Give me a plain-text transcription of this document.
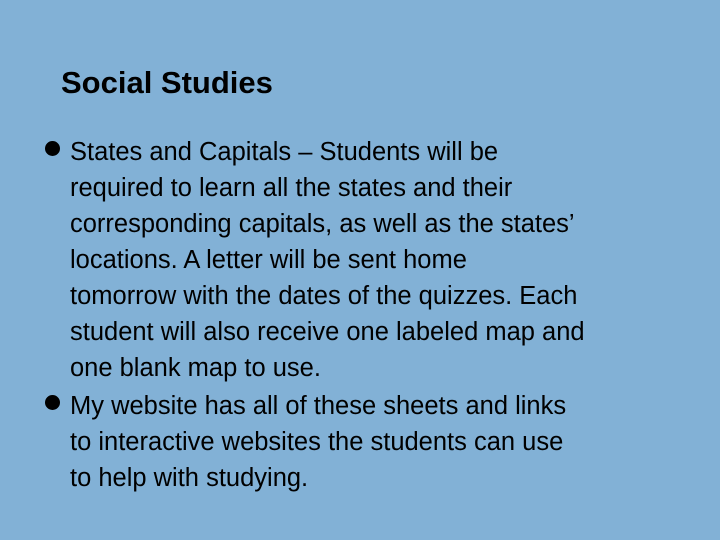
Social Studies
States and Capitals – Students will be
required to learn all the states and their
corresponding capitals, as well as the states’
locations. A letter will be sent home
tomorrow with the dates of the quizzes. Each
student will also receive one labeled map and
one blank map to use.
My website has all of these sheets and links
to interactive websites the students can use
to help with studying.
